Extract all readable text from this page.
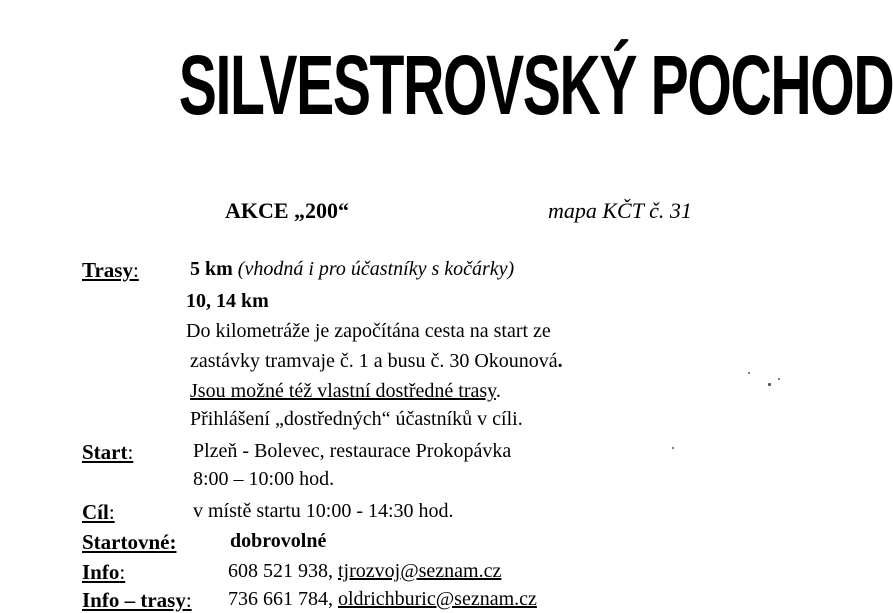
SILVESTROVSKÝ POCHOD
AKCE „200“	mapa KČT č. 31
Trasy:	5 km (vhodná i pro účastníky s kočárky)
10, 14 km
Do kilometráže je započítána cesta na start ze
zastávky tramvaje č. 1 a busu č. 30 Okounová.
Jsou možné též vlastní dostředné trasy.
Přihlášení „dostředných“ účastníků v cíli.
Start:	Plzeň - Bolevec, restaurace Prokopávka
8:00 – 10:00 hod.
Cíl:	v místě startu 10:00 - 14:30 hod.
Startovné:	dobrovolné
Info:	608 521 938, tjrozvoj@seznam.cz
Info – trasy: 736 661 784, oldrichburic@seznam.cz
